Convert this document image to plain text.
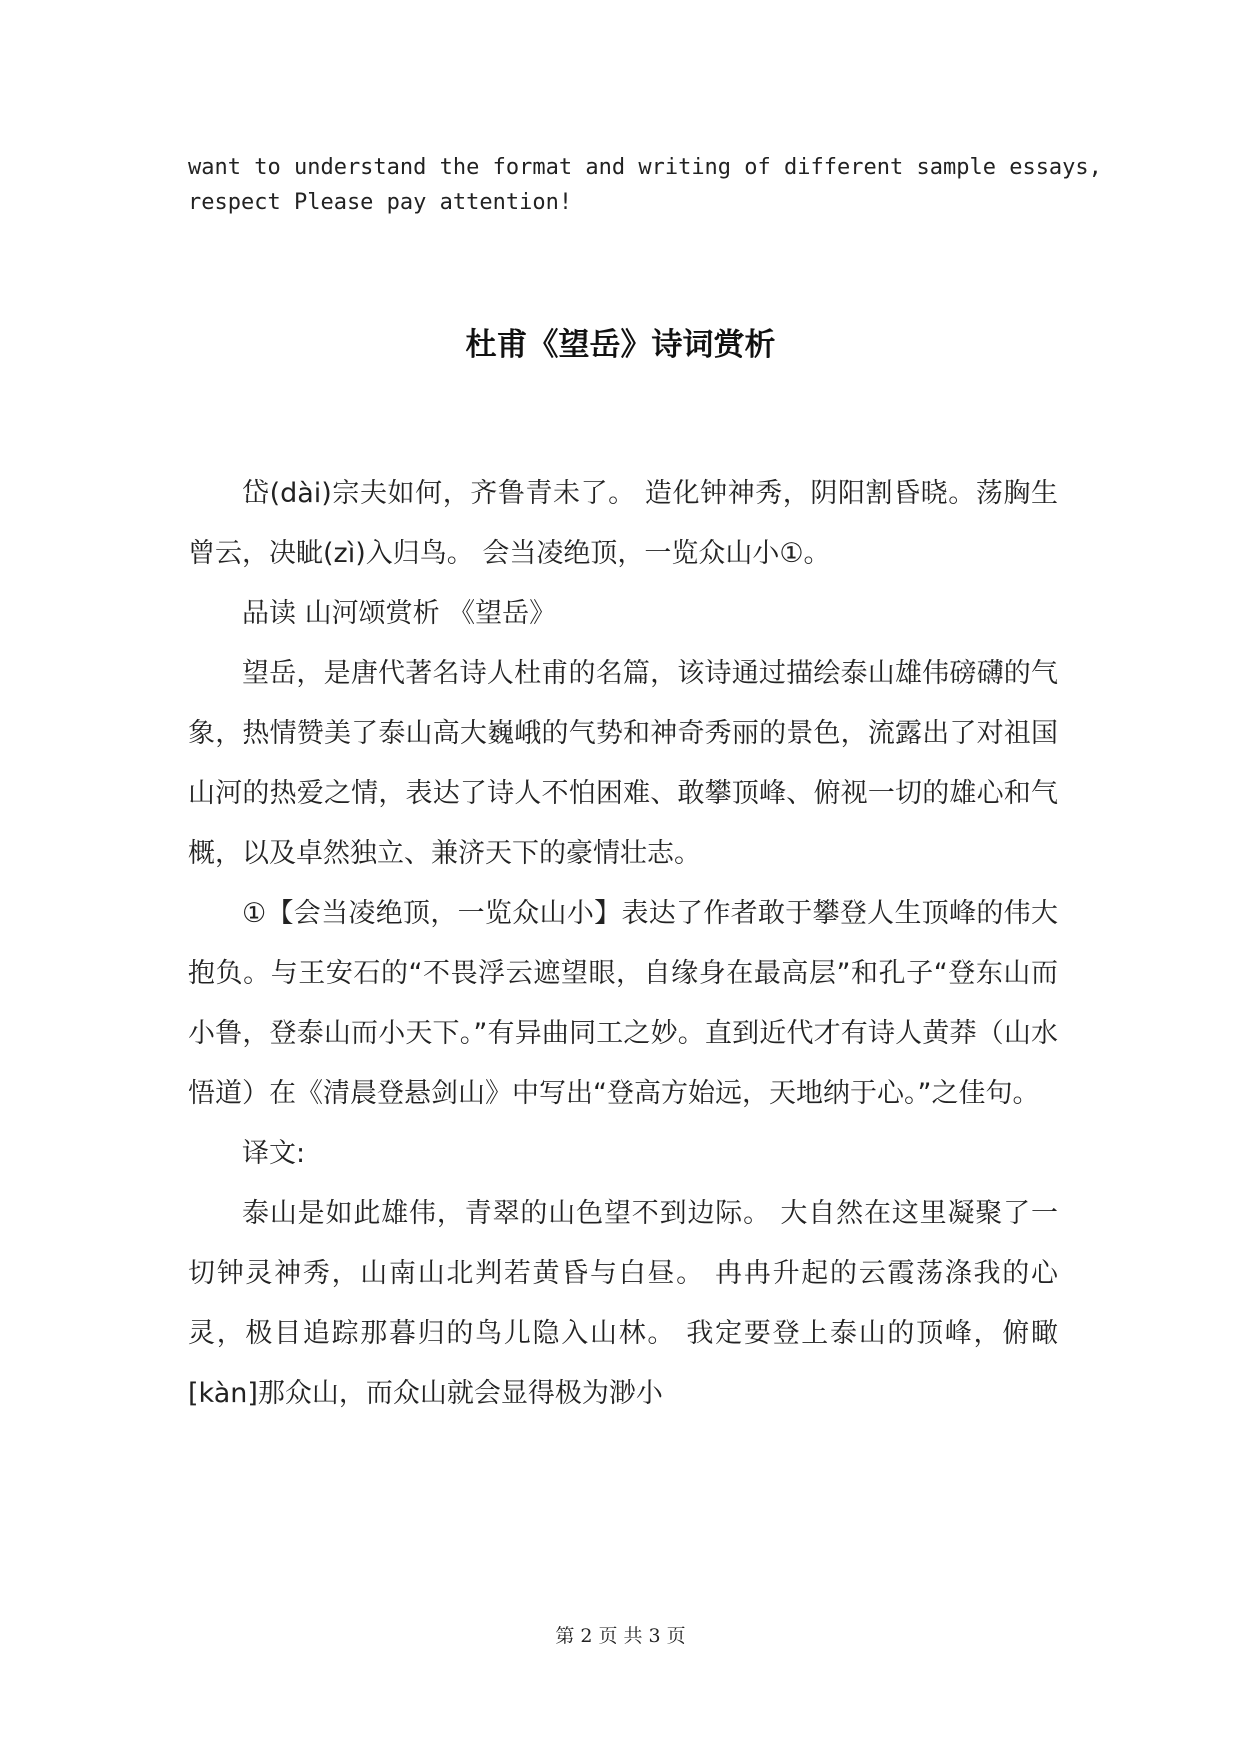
want to understand the format and writing of different sample essays,

respect Please pay attention!

杜甫《望岳》诗词赏析

岱(dài)宗夫如何，齐鲁青未了。 造化钟神秀，阴阳割昏晓。荡胸生曾云，决眦(zì)入归鸟。 会当凌绝顶，一览众山小①。

品读 山河颂赏析 《望岳》

望岳，是唐代著名诗人杜甫的名篇，该诗通过描绘泰山雄伟磅礴的气象，热情赞美了泰山高大巍峨的气势和神奇秀丽的景色，流露出了对祖国山河的热爱之情，表达了诗人不怕困难、敢攀顶峰、俯视一切的雄心和气概，以及卓然独立、兼济天下的豪情壮志。

①【会当凌绝顶，一览众山小】表达了作者敢于攀登人生顶峰的伟大抱负。与王安石的“不畏浮云遮望眼，自缘身在最高层”和孔子“登东山而小鲁，登泰山而小天下。”有异曲同工之妙。直到近代才有诗人黄莽（山水悟道）在《清晨登悬剑山》中写出“登高方始远，天地纳于心。”之佳句。

译文:

泰山是如此雄伟，青翠的山色望不到边际。 大自然在这里凝聚了一切钟灵神秀，山南山北判若黄昏与白昼。 冉冉升起的云霞荡涤我的心灵，极目追踪那暮归的鸟儿隐入山林。 我定要登上泰山的顶峰，俯瞰[kàn]那众山，而众山就会显得极为渺小

第 2 页 共 3 页
